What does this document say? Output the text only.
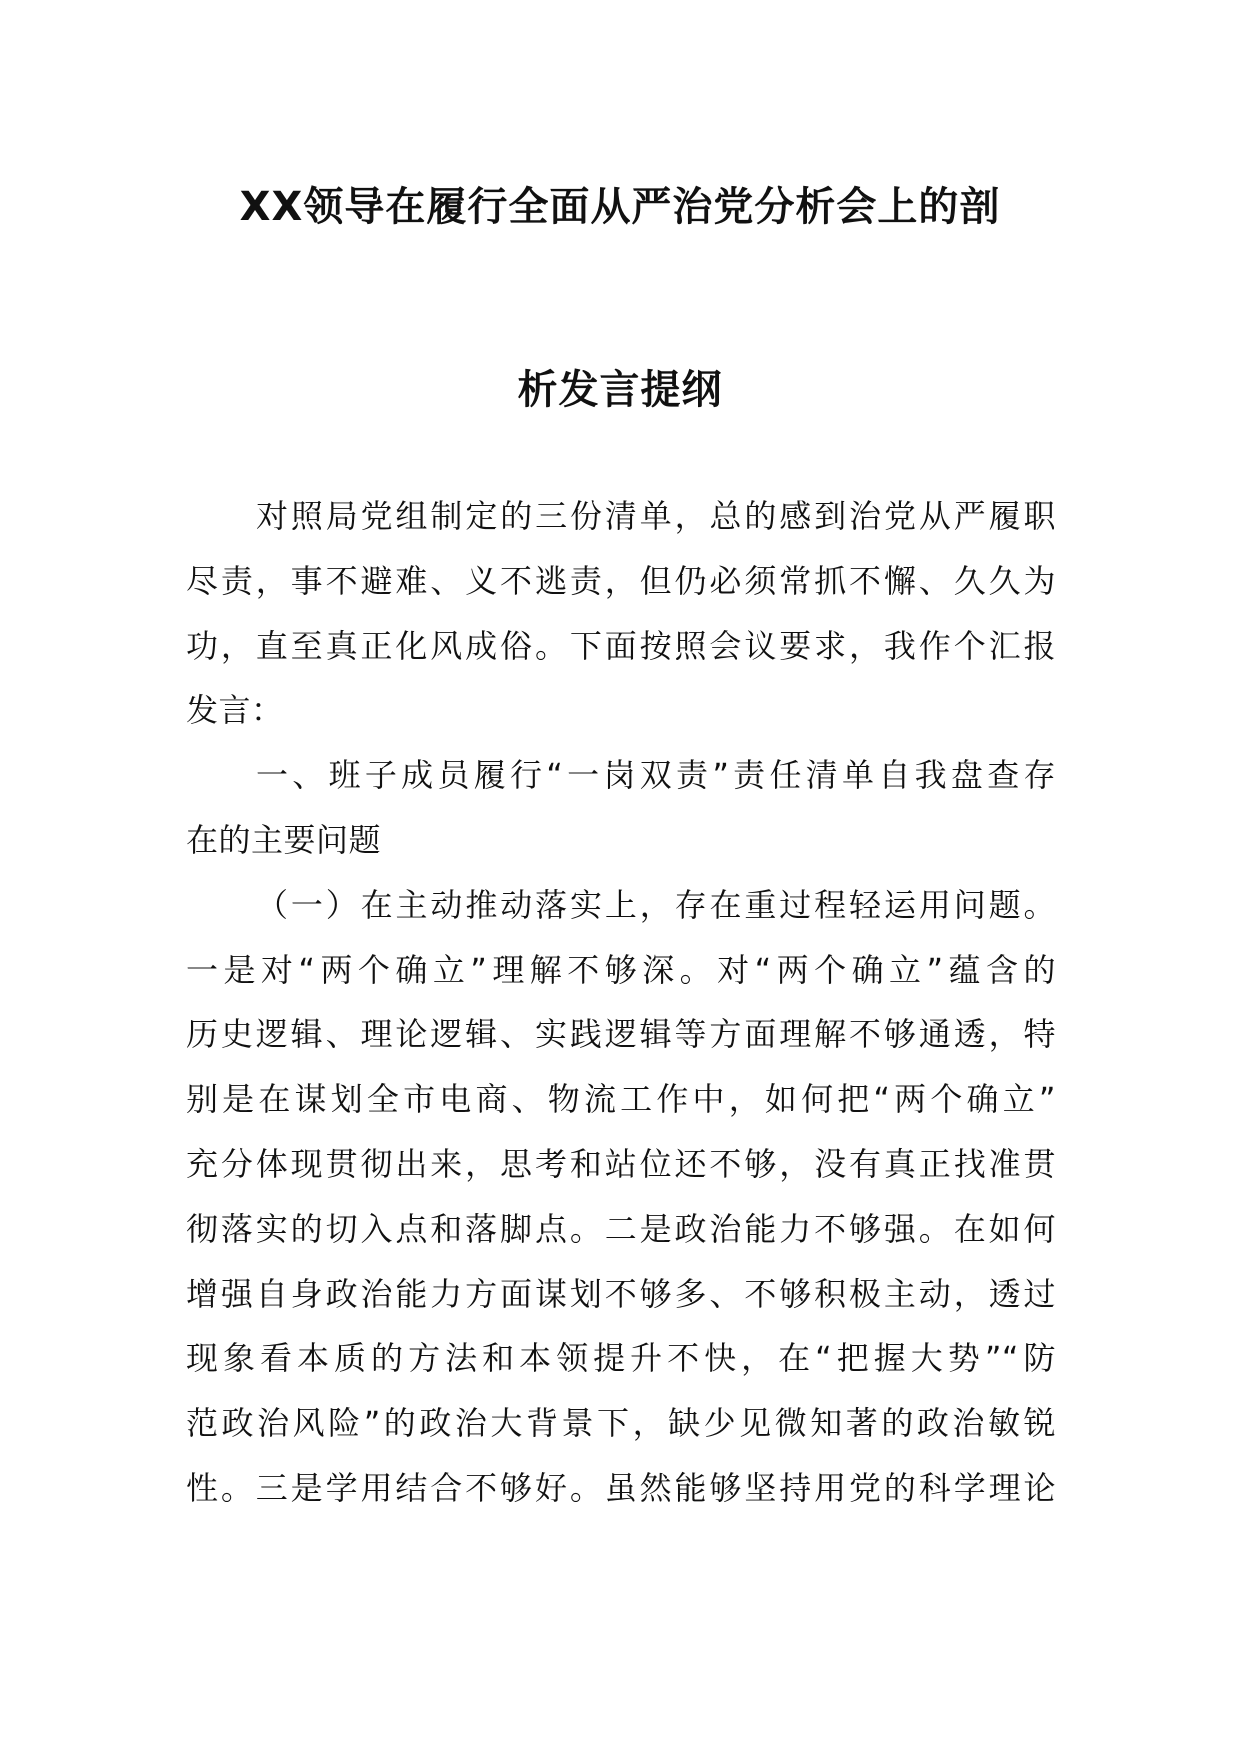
XX领导在履行全面从严治党分析会上的剖
析发言提纲
对照局党组制定的三份清单，总的感到治党从严履职
尽责，事不避难、义不逃责，但仍必须常抓不懈、久久为
功，直至真正化风成俗。下面按照会议要求，我作个汇报
发言：
一、班子成员履行“一岗双责”责任清单自我盘查存
在的主要问题
（一）在主动推动落实上，存在重过程轻运用问题。
一是对“两个确立”理解不够深。对“两个确立”蕴含的
历史逻辑、理论逻辑、实践逻辑等方面理解不够通透，特
别是在谋划全市电商、物流工作中，如何把“两个确立”
充分体现贯彻出来，思考和站位还不够，没有真正找准贯
彻落实的切入点和落脚点。二是政治能力不够强。在如何
增强自身政治能力方面谋划不够多、不够积极主动，透过
现象看本质的方法和本领提升不快，在“把握大势”“防
范政治风险”的政治大背景下，缺少见微知著的政治敏锐
性。三是学用结合不够好。虽然能够坚持用党的科学理论
